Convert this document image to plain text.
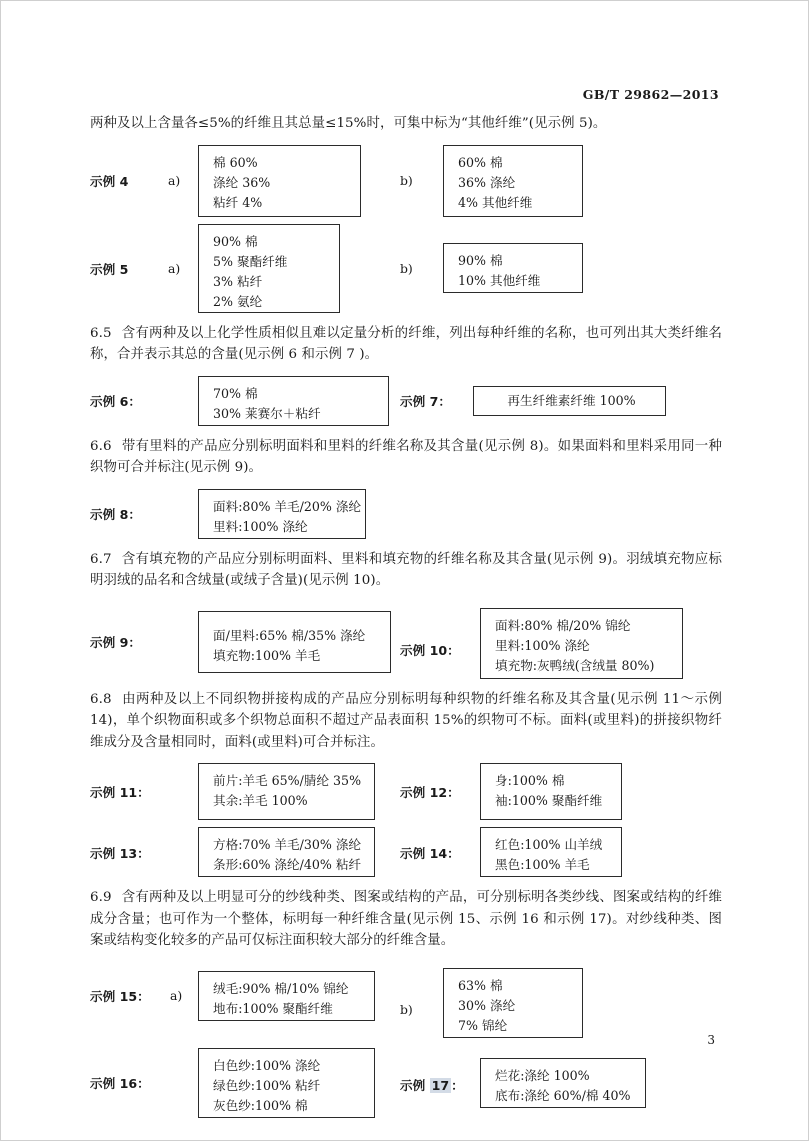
GB/T 29862—2013

两种及以上含量各≤5%的纤维且其总量≤15%时，可集中标为“其他纤维”(见示例 5)。

示例 4	a)
棉 60%
涤纶 36%
粘纤 4%
b)
60% 棉
36% 涤纶
4% 其他纤维
示例 5	a)
90% 棉
5% 聚酯纤维
3% 粘纤
2% 氨纶
b)	90% 棉
10% 其他纤维

6.5 含有两种及以上化学性质相似且难以定量分析的纤维，列出每种纤维的名称，也可列出其大类纤维名称，合并表示其总的含量(见示例 6 和示例 7 )。

示例 6：
70% 棉
30% 莱赛尔＋粘纤
示例 7：	再生纤维素纤维 100%

6.6 带有里料的产品应分别标明面料和里料的纤维名称及其含量(见示例 8)。如果面料和里料采用同一种织物可合并标注(见示例 9)。

示例 8：
面料:80% 羊毛/20% 涤纶
里料:100% 涤纶

6.7 含有填充物的产品应分别标明面料、里料和填充物的纤维名称及其含量(见示例 9)。羽绒填充物应标明羽绒的品名和含绒量(或绒子含量)(见示例 10)。

示例 9：	面/里料:65% 棉/35% 涤纶
填充物:100% 羊毛	示例 10：
面料:80% 棉/20% 锦纶
里料:100% 涤纶
填充物:灰鸭绒(含绒量 80%)

6.8 由两种及以上不同织物拼接构成的产品应分别标明每种织物的纤维名称及其含量(见示例 11～示例 14)，单个织物面积或多个织物总面积不超过产品表面积 15%的织物可不标。面料(或里料)的拼接织物纤维成分及含量相同时，面料(或里料)可合并标注。

示例 11：
前片:羊毛 65%/腈纶 35%
其余:羊毛 100%
示例 12：
身:100% 棉
袖:100% 聚酯纤维
示例 13：
方格:70% 羊毛/30% 涤纶
条形:60% 涤纶/40% 粘纤
示例 14：
红色:100% 山羊绒
黑色:100% 羊毛

6.9 含有两种及以上明显可分的纱线种类、图案或结构的产品，可分别标明各类纱线、图案或结构的纤维成分含量；也可作为一个整体，标明每一种纤维含量(见示例 15、示例 16 和示例 17)。对纱线种类、图案或结构变化较多的产品可仅标注面积较大部分的纤维含量。

示例 15：	a)	绒毛:90% 棉/10% 锦纶
地布:100% 聚酯纤维	b)
63% 棉
30% 涤纶
7% 锦纶
示例 16：
白色纱:100% 涤纶
绿色纱:100% 粘纤
灰色纱:100% 棉
示例 17 ：
烂花:涤纶 100%
底布:涤纶 60%/棉 40%
3
